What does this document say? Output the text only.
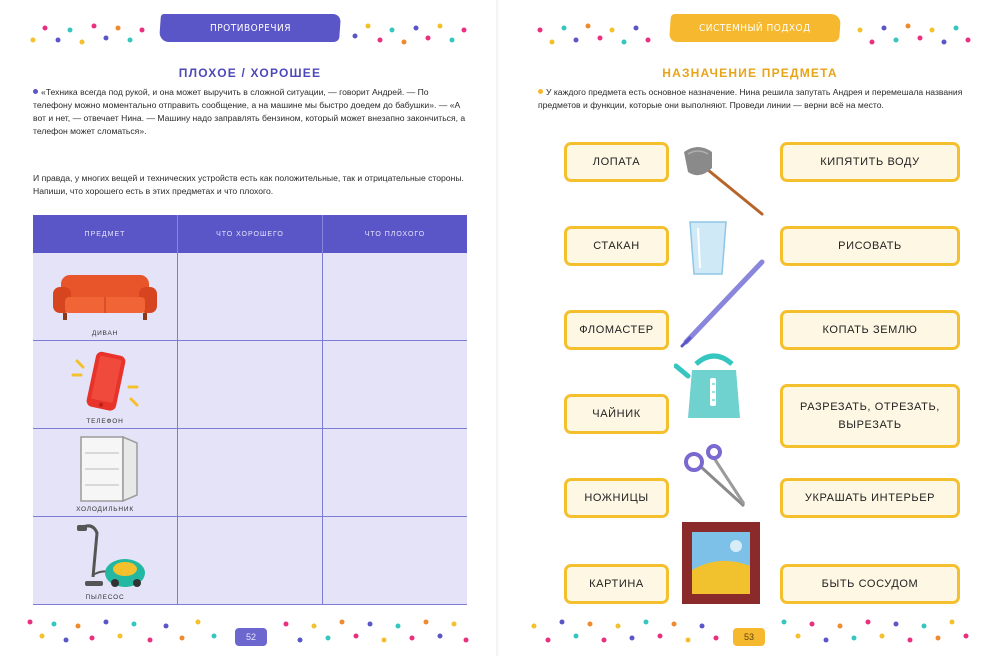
ПРОТИВОРЕЧИЯ
ПЛОХОЕ / ХОРОШЕЕ
«Техника всегда под рукой, и она может выручить в сложной ситуации, — говорит Андрей. — По телефону можно моментально отправить сообщение, а на машине мы быстро доедем до бабушки». — «А вот и нет, — отвечает Нина. — Машину надо заправлять бензином, который может внезапно закончиться, а телефон может сломаться».
И правда, у многих вещей и технических устройств есть как положительные, так и отрицательные стороны. Напиши, что хорошего есть в этих предметах и что плохого.
ПРЕДМЕТ	ЧТО ХОРОШЕГО	ЧТО ПЛОХОГО
ДИВАН
ТЕЛЕФОН
ХОЛОДИЛЬНИК
ПЫЛЕСОС
52
СИСТЕМНЫЙ ПОДХОД
НАЗНАЧЕНИЕ ПРЕДМЕТА
У каждого предмета есть основное назначение. Нина решила запутать Андрея и перемешала названия предметов и функции, которые они выполняют. Проведи линии — верни всё на место.
ЛОПАТА
СТАКАН
ФЛОМАСТЕР
ЧАЙНИК
НОЖНИЦЫ
КАРТИНА
КИПЯТИТЬ ВОДУ
РИСОВАТЬ
КОПАТЬ ЗЕМЛЮ
РАЗРЕЗАТЬ, ОТРЕЗАТЬ, ВЫРЕЗАТЬ
УКРАШАТЬ ИНТЕРЬЕР
БЫТЬ СОСУДОМ
53
